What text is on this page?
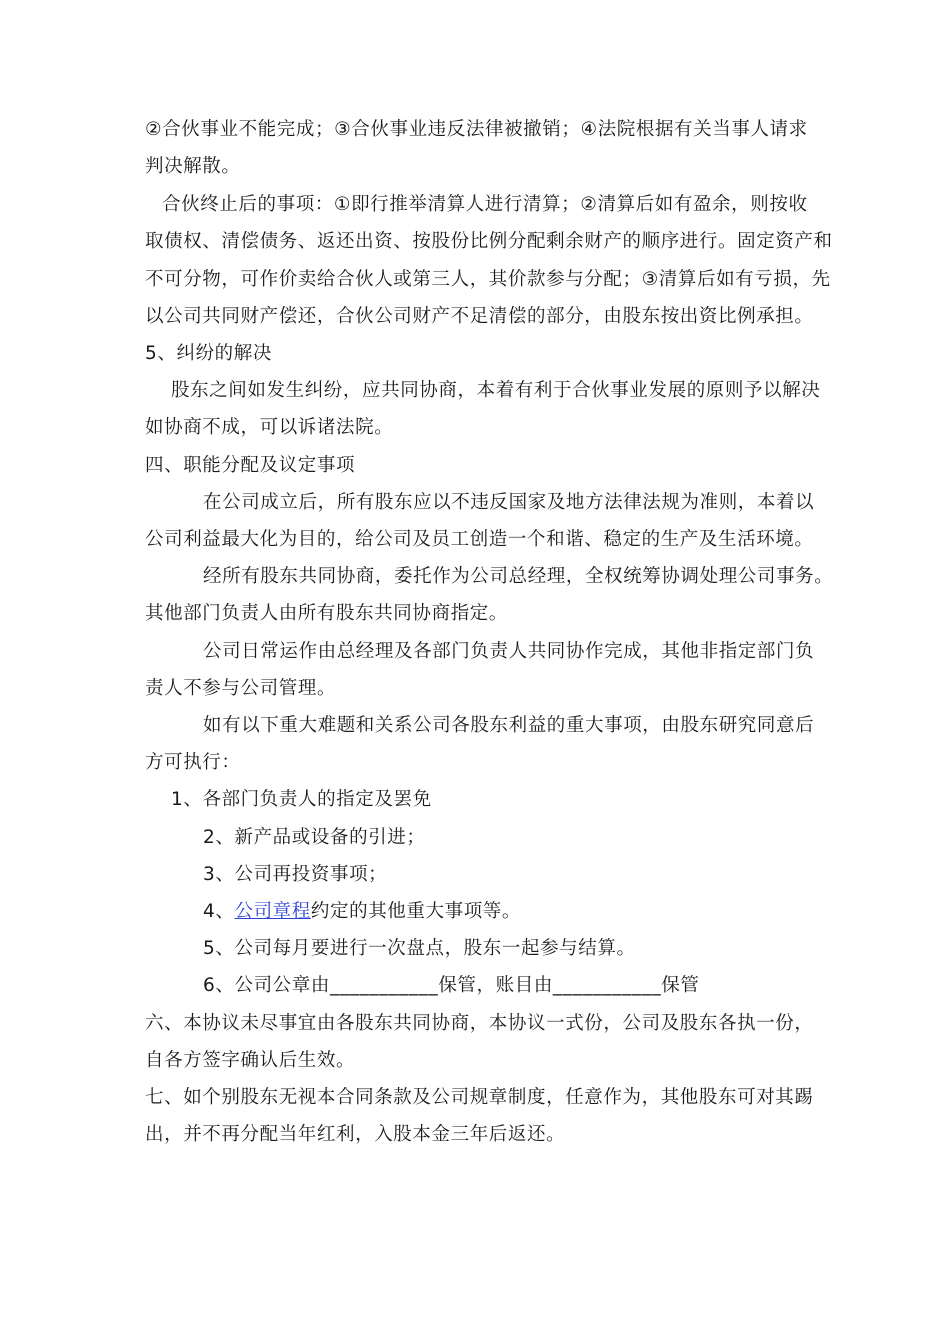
②合伙事业不能完成；③合伙事业违反法律被撤销；④法院根据有关当事人请求
判决解散。
合伙终止后的事项：①即行推举清算人进行清算；②清算后如有盈余，则按收
取债权、清偿债务、返还出资、按股份比例分配剩余财产的顺序进行。固定资产和
不可分物，可作价卖给合伙人或第三人，其价款参与分配；③清算后如有亏损，先
以公司共同财产偿还，合伙公司财产不足清偿的部分，由股东按出资比例承担。
5、纠纷的解决
股东之间如发生纠纷，应共同协商，本着有利于合伙事业发展的原则予以解决
如协商不成，可以诉诸法院。
四、职能分配及议定事项
在公司成立后，所有股东应以不违反国家及地方法律法规为准则，本着以
公司利益最大化为目的，给公司及员工创造一个和谐、稳定的生产及生活环境。
经所有股东共同协商，委托作为公司总经理，全权统筹协调处理公司事务。
其他部门负责人由所有股东共同协商指定。
公司日常运作由总经理及各部门负责人共同协作完成，其他非指定部门负
责人不参与公司管理。
如有以下重大难题和关系公司各股东利益的重大事项，由股东研究同意后
方可执行：
1、各部门负责人的指定及罢免
2、新产品或设备的引进；
3、公司再投资事项；
4、公司章程约定的其他重大事项等。
5、公司每月要进行一次盘点，股东一起参与结算。
6、公司公章由___________保管，账目由___________保管
六、本协议未尽事宜由各股东共同协商，本协议一式份，公司及股东各执一份，
自各方签字确认后生效。
七、如个别股东无视本合同条款及公司规章制度，任意作为，其他股东可对其踢
出，并不再分配当年红利，入股本金三年后返还。
